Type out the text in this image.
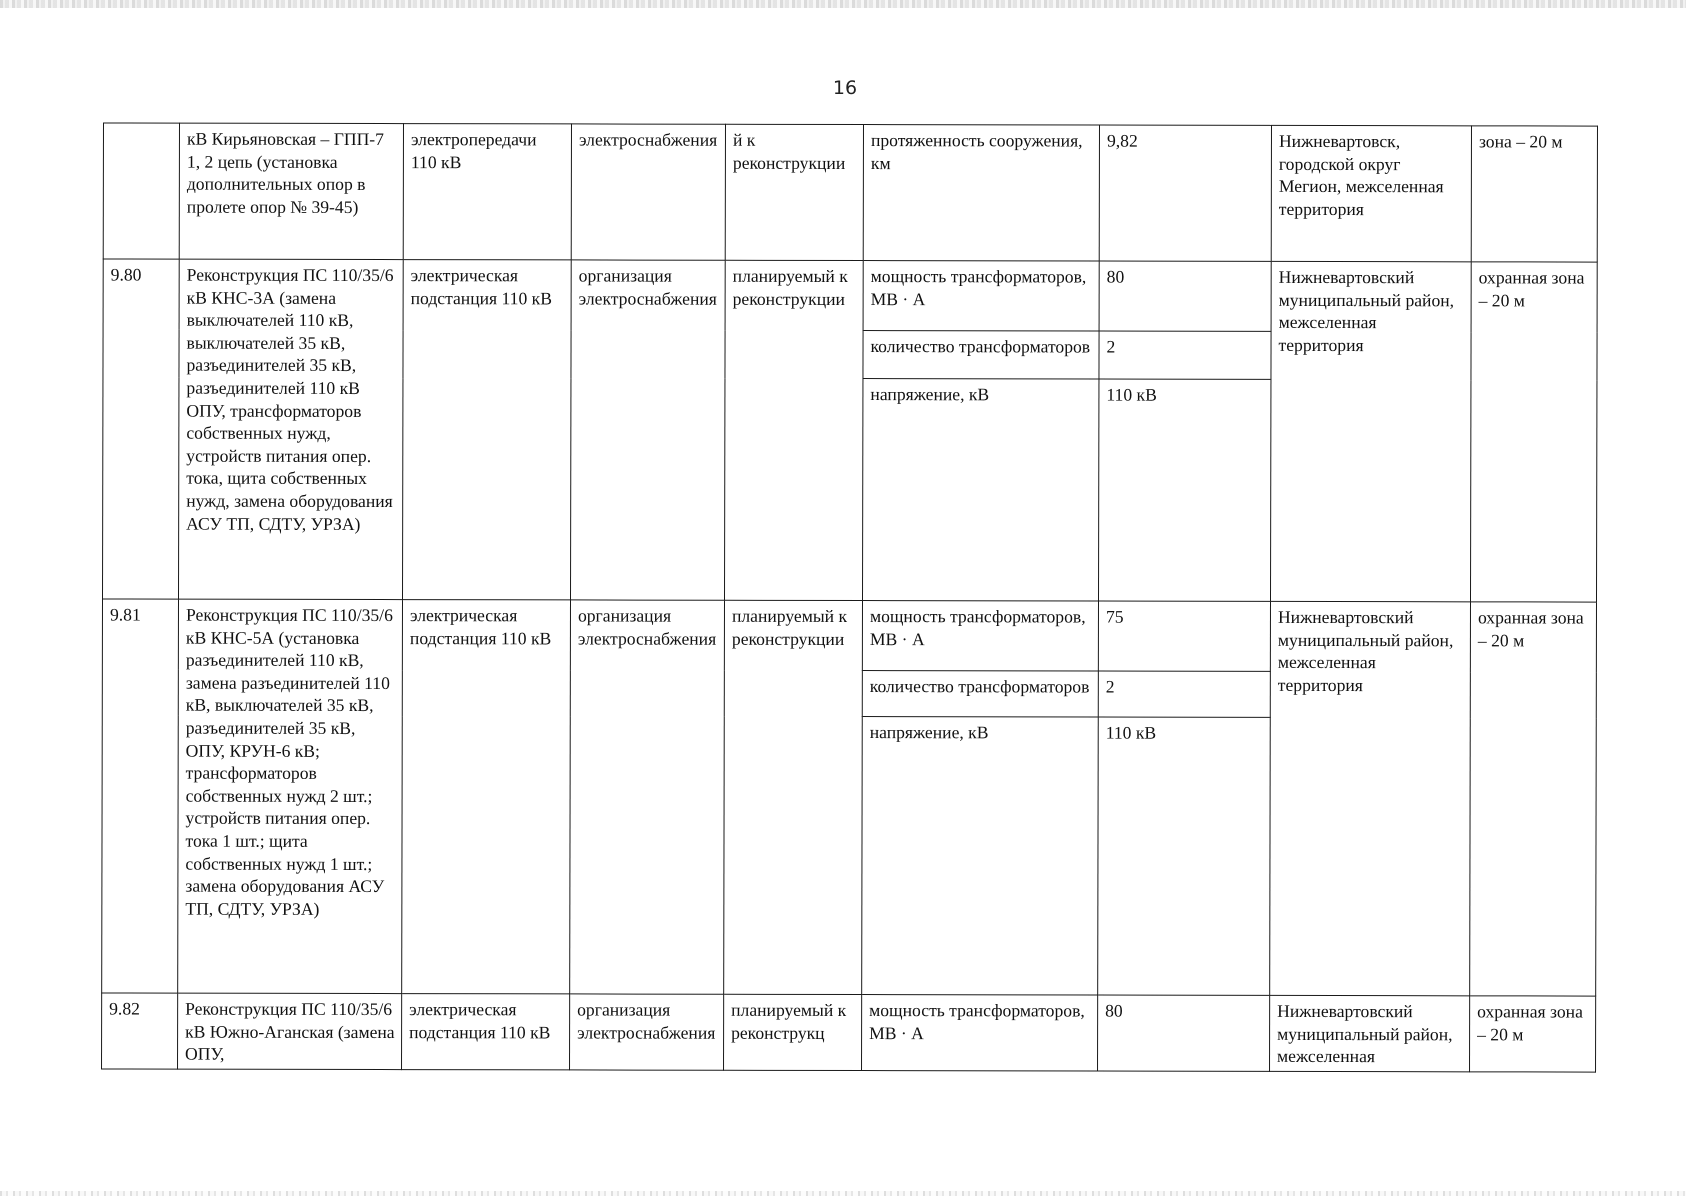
16
	кВ Кирьяновская – ГПП-7 1, 2 цепь (установка дополнительных опор в пролете опор № 39-45)	электропередачи 110 кВ	электроснабжения	й к реконструкции	протяженность сооружения, км	9,82	Нижневартовск, городской округ Мегион, межселенная территория	зона – 20 м
9.80	Реконструкция ПС 110/35/6 кВ КНС-3А (замена выключателей 110 кВ, выключателей 35 кВ, разъединителей 35 кВ, разъединителей 110 кВ ОПУ, трансформаторов собственных нужд, устройств питания опер. тока, щита собственных нужд, замена оборудования АСУ ТП, СДТУ, УРЗА)	электрическая подстанция 110 кВ	организация электроснабжения	планируемый к реконструкции	мощность трансформаторов, МВ · А	80	Нижневартовский муниципальный район, межселенная территория	охранная зона – 20 м
					количество трансформаторов	2		
					напряжение, кВ	110 кВ		
9.81	Реконструкция ПС 110/35/6 кВ КНС-5А (установка разъединителей 110 кВ, замена разъединителей 110 кВ, выключателей 35 кВ, разъединителей 35 кВ, ОПУ, КРУН-6 кВ; трансформаторов собственных нужд 2 шт.; устройств питания опер. тока 1 шт.; щита собственных нужд 1 шт.; замена оборудования АСУ ТП, СДТУ, УРЗА)	электрическая подстанция 110 кВ	организация электроснабжения	планируемый к реконструкции	мощность трансформаторов, МВ · А	75	Нижневартовский муниципальный район, межселенная территория	охранная зона – 20 м
					количество трансформаторов	2		
					напряжение, кВ	110 кВ		
9.82	Реконструкция ПС 110/35/6 кВ Южно-Аганская (замена ОПУ,	электрическая подстанция 110 кВ	организация электроснабжения	планируемый к реконструкц	мощность трансформаторов, МВ · А	80	Нижневартовский муниципальный район, межселенная	охранная зона – 20 м
